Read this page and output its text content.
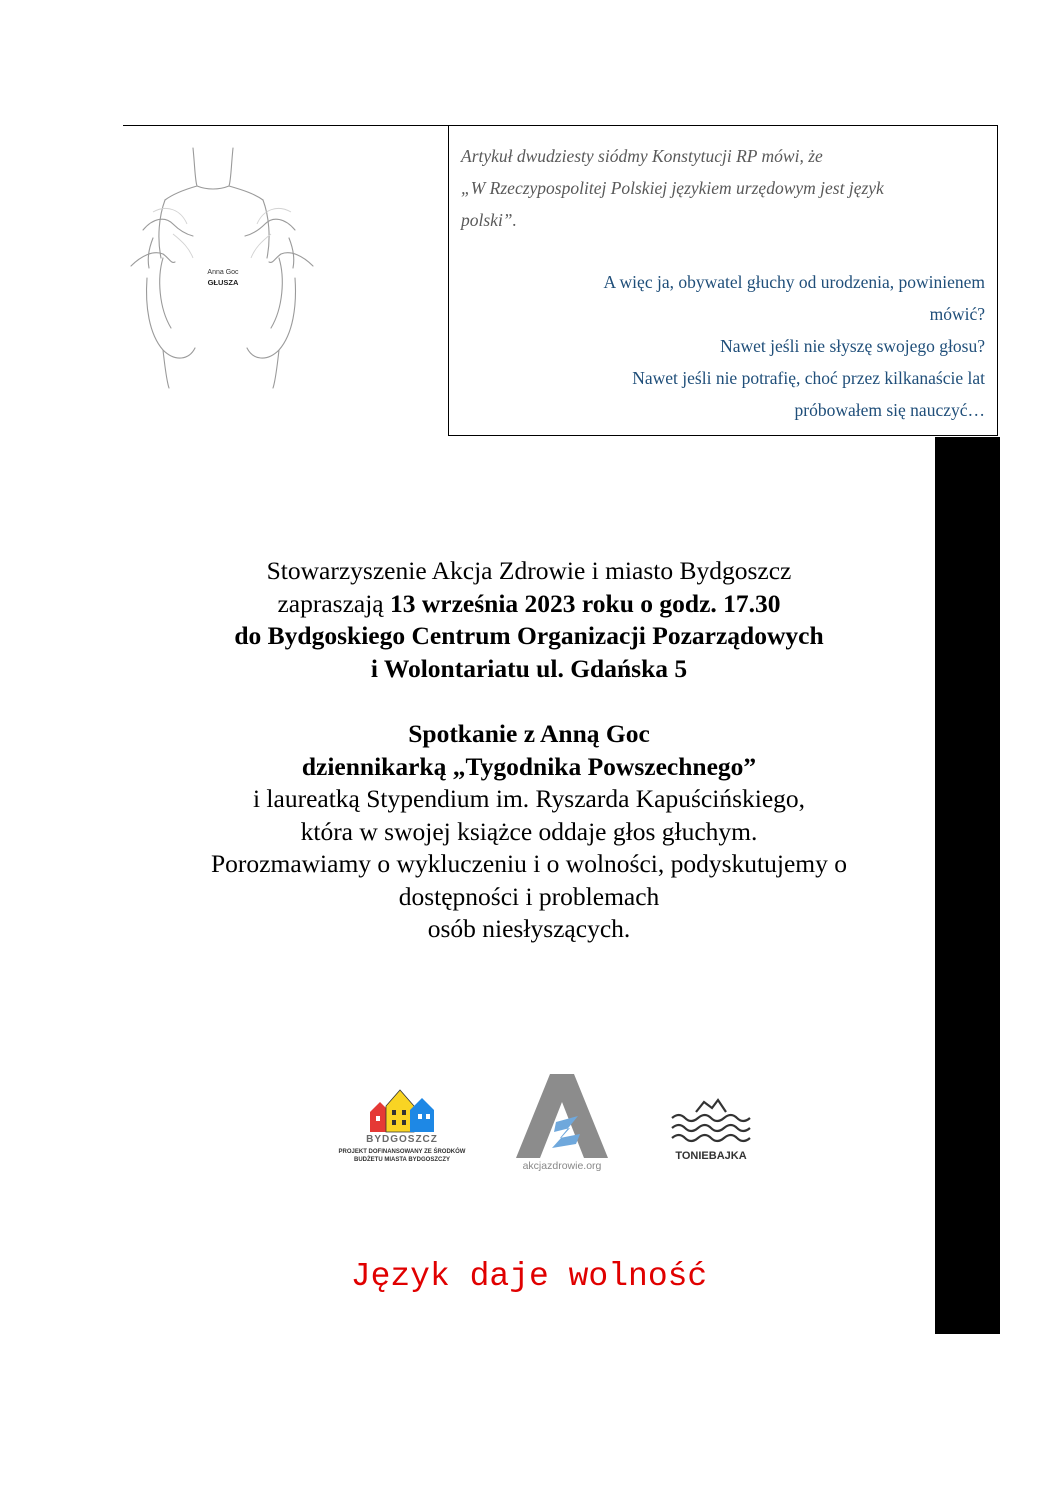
Anna Goc
GŁUSZA
Artykuł dwudziesty siódmy Konstytucji RP mówi, że
„W Rzeczypospolitej Polskiej językiem urzędowym jest język
polski”.
A więc ja, obywatel głuchy od urodzenia, powinienem
mówić?
Nawet jeśli nie słyszę swojego głosu?
Nawet jeśli nie potrafię, choć przez kilkanaście lat
próbowałem się nauczyć…
Stowarzyszenie Akcja Zdrowie i miasto Bydgoszcz
zapraszają 13 września 2023 roku o godz. 17.30
do Bydgoskiego Centrum Organizacji Pozarządowych
i Wolontariatu ul. Gdańska 5
Spotkanie z Anną Goc
dziennikarką „Tygodnika Powszechnego”
i laureatką Stypendium im. Ryszarda Kapuścińskiego,
która w swojej książce oddaje głos głuchym.
Porozmawiamy o wykluczeniu i o wolności, podyskutujemy o
dostępności i problemach
osób niesłyszących.
BYDGOSZCZ
PROJEKT DOFINANSOWANY ZE ŚRODKÓW
BUDŻETU MIASTA BYDGOSZCZY	akcjazdrowie.org
TONIEBAJKA
Język daje wolność
